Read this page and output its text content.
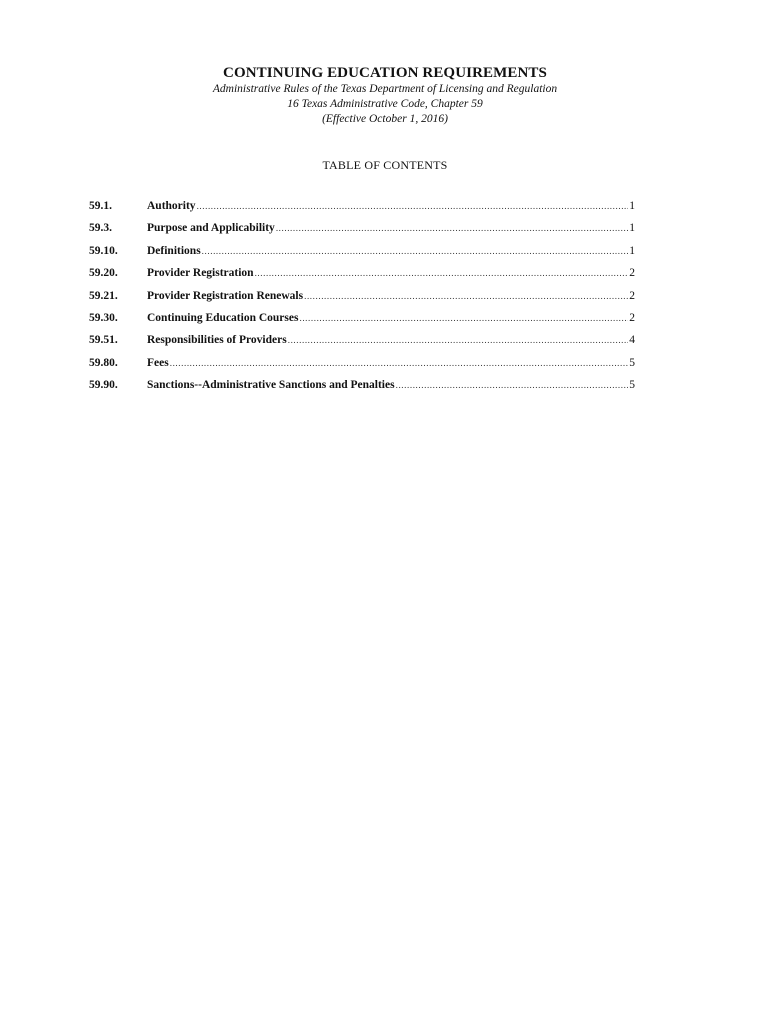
CONTINUING EDUCATION REQUIREMENTS

Administrative Rules of the Texas Department of Licensing and Regulation

16 Texas Administrative Code, Chapter 59

(Effective October 1, 2016)

TABLE OF CONTENTS
59.1.	Authority .....	1
59.3.	Purpose and Applicability .....	1
59.10.	Definitions .....	1
59.20.	Provider Registration .....	2
59.21.	Provider Registration Renewals .....	2
59.30.	Continuing Education Courses .....	2
59.51.	Responsibilities of Providers .....	4
59.80.	Fees .....	5
59.90.	Sanctions--Administrative Sanctions and Penalties .....	5
